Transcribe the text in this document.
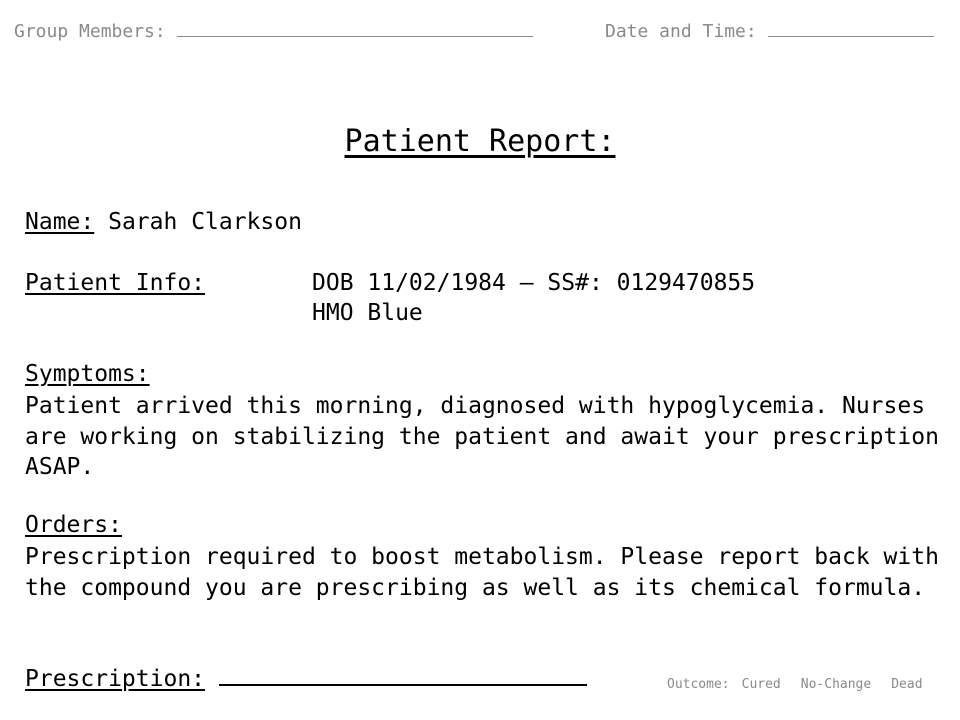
Group Members:

	Date and Time:

Patient Report:
Name: Sarah Clarkson
Patient Info:	DOB 11/02/1984 – SS#: 0129470855
HMO Blue
Symptoms:
Patient arrived this morning, diagnosed with hypoglycemia. Nurses are working on stabilizing the patient and await your prescription ASAP.
Orders:
Prescription required to boost metabolism. Please report back with the compound you are prescribing as well as its chemical formula.
Prescription:	Outcome: Cured No-Change Dead
